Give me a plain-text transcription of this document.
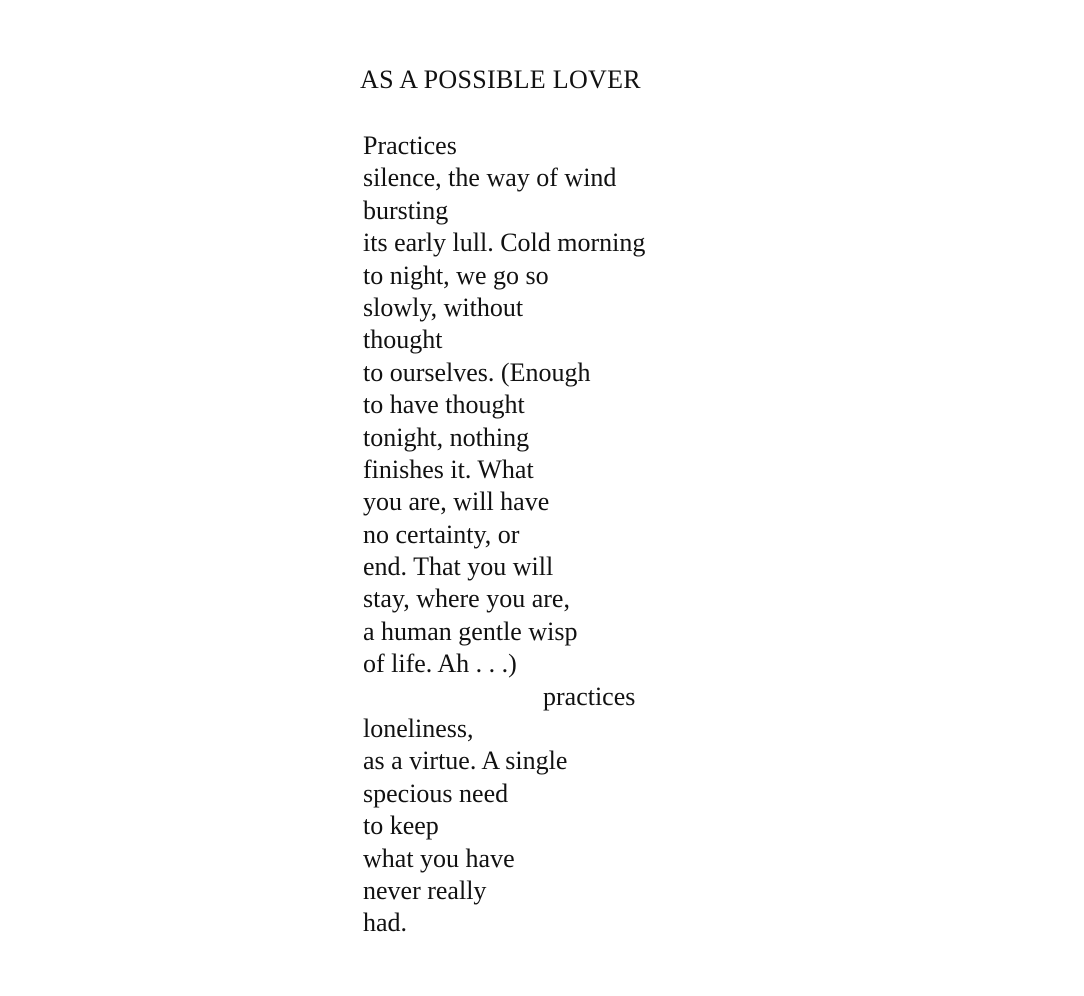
AS A POSSIBLE LOVER
Practices
silence, the way of wind
bursting
its early lull. Cold morning
to night, we go so
slowly, without
thought
to ourselves. (Enough
to have thought
tonight, nothing
finishes it. What
you are, will have
no certainty, or
end. That you will
stay, where you are,
a human gentle wisp
of life. Ah . . .)
practices
loneliness,
as a virtue. A single
specious need
to keep
what you have
never really
had.
